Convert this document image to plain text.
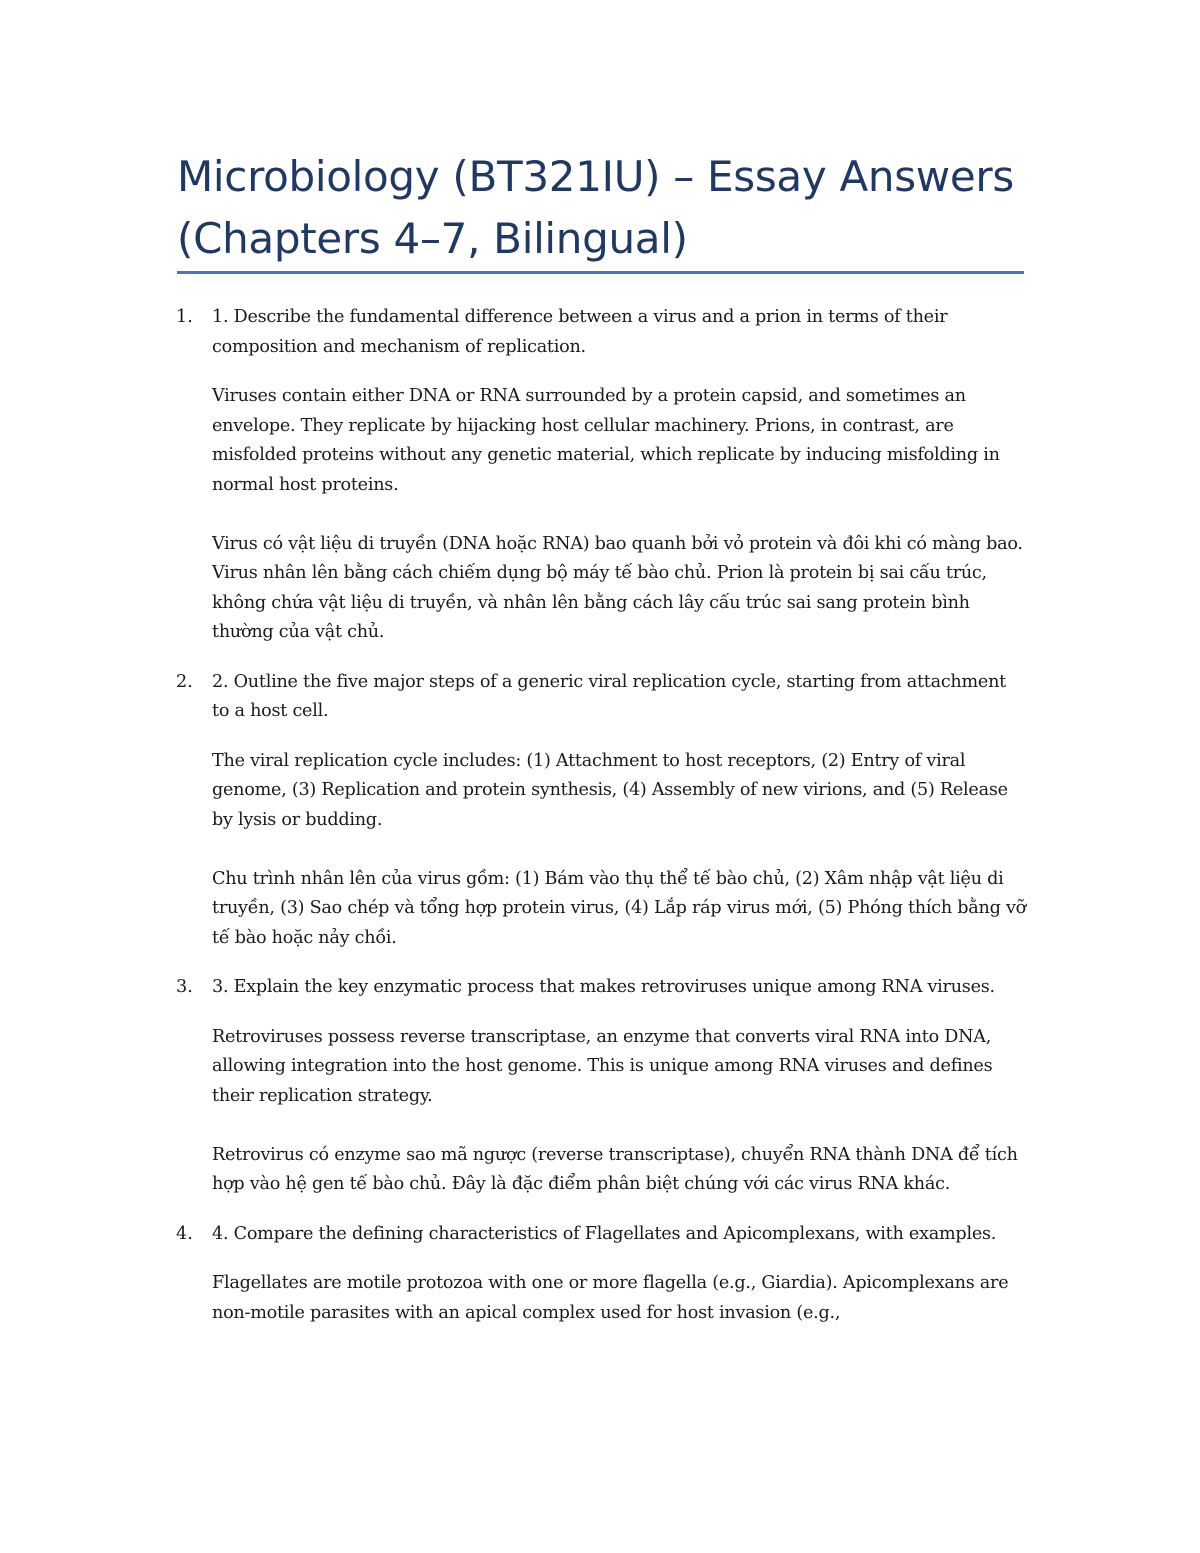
Microbiology (BT321IU) – Essay Answers (Chapters 4–7, Bilingual)
1. 1. Describe the fundamental difference between a virus and a prion in terms of their composition and mechanism of replication.

Viruses contain either DNA or RNA surrounded by a protein capsid, and sometimes an envelope. They replicate by hijacking host cellular machinery. Prions, in contrast, are misfolded proteins without any genetic material, which replicate by inducing misfolding in normal host proteins.

Virus có vật liệu di truyền (DNA hoặc RNA) bao quanh bởi vỏ protein và đôi khi có màng bao. Virus nhân lên bằng cách chiếm dụng bộ máy tế bào chủ. Prion là protein bị sai cấu trúc, không chứa vật liệu di truyền, và nhân lên bằng cách lây cấu trúc sai sang protein bình thường của vật chủ.

2. 2. Outline the five major steps of a generic viral replication cycle, starting from attachment to a host cell.

The viral replication cycle includes: (1) Attachment to host receptors, (2) Entry of viral genome, (3) Replication and protein synthesis, (4) Assembly of new virions, and (5) Release by lysis or budding.

Chu trình nhân lên của virus gồm: (1) Bám vào thụ thể tế bào chủ, (2) Xâm nhập vật liệu di truyền, (3) Sao chép và tổng hợp protein virus, (4) Lắp ráp virus mới, (5) Phóng thích bằng vỡ tế bào hoặc nảy chồi.

3. 3. Explain the key enzymatic process that makes retroviruses unique among RNA viruses.

Retroviruses possess reverse transcriptase, an enzyme that converts viral RNA into DNA, allowing integration into the host genome. This is unique among RNA viruses and defines their replication strategy.

Retrovirus có enzyme sao mã ngược (reverse transcriptase), chuyển RNA thành DNA để tích hợp vào hệ gen tế bào chủ. Đây là đặc điểm phân biệt chúng với các virus RNA khác.

4. 4. Compare the defining characteristics of Flagellates and Apicomplexans, with examples.

Flagellates are motile protozoa with one or more flagella (e.g., Giardia). Apicomplexans are non-motile parasites with an apical complex used for host invasion (e.g.,
